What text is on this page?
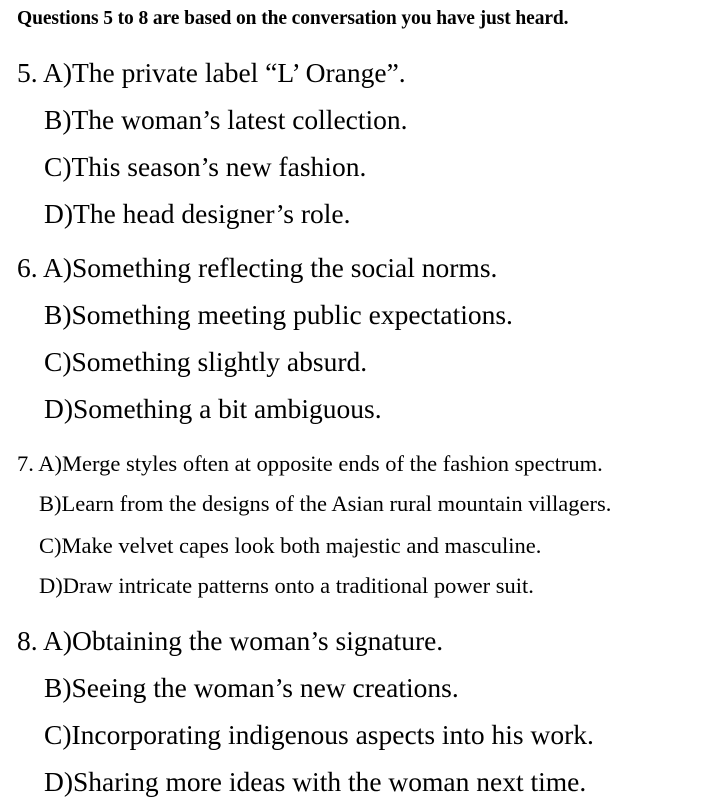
Questions 5 to 8 are based on the conversation you have just heard.
5. A)The private label “L’ Orange”.
B)The woman’s latest collection.
C)This season’s new fashion.
D)The head designer’s role.
6. A)Something reflecting the social norms.
B)Something meeting public expectations.
C)Something slightly absurd.
D)Something a bit ambiguous.
7. A)Merge styles often at opposite ends of the fashion spectrum.
B)Learn from the designs of the Asian rural mountain villagers.
C)Make velvet capes look both majestic and masculine.
D)Draw intricate patterns onto a traditional power suit.
8. A)Obtaining the woman’s signature.
B)Seeing the woman’s new creations.
C)Incorporating indigenous aspects into his work.
D)Sharing more ideas with the woman next time.
